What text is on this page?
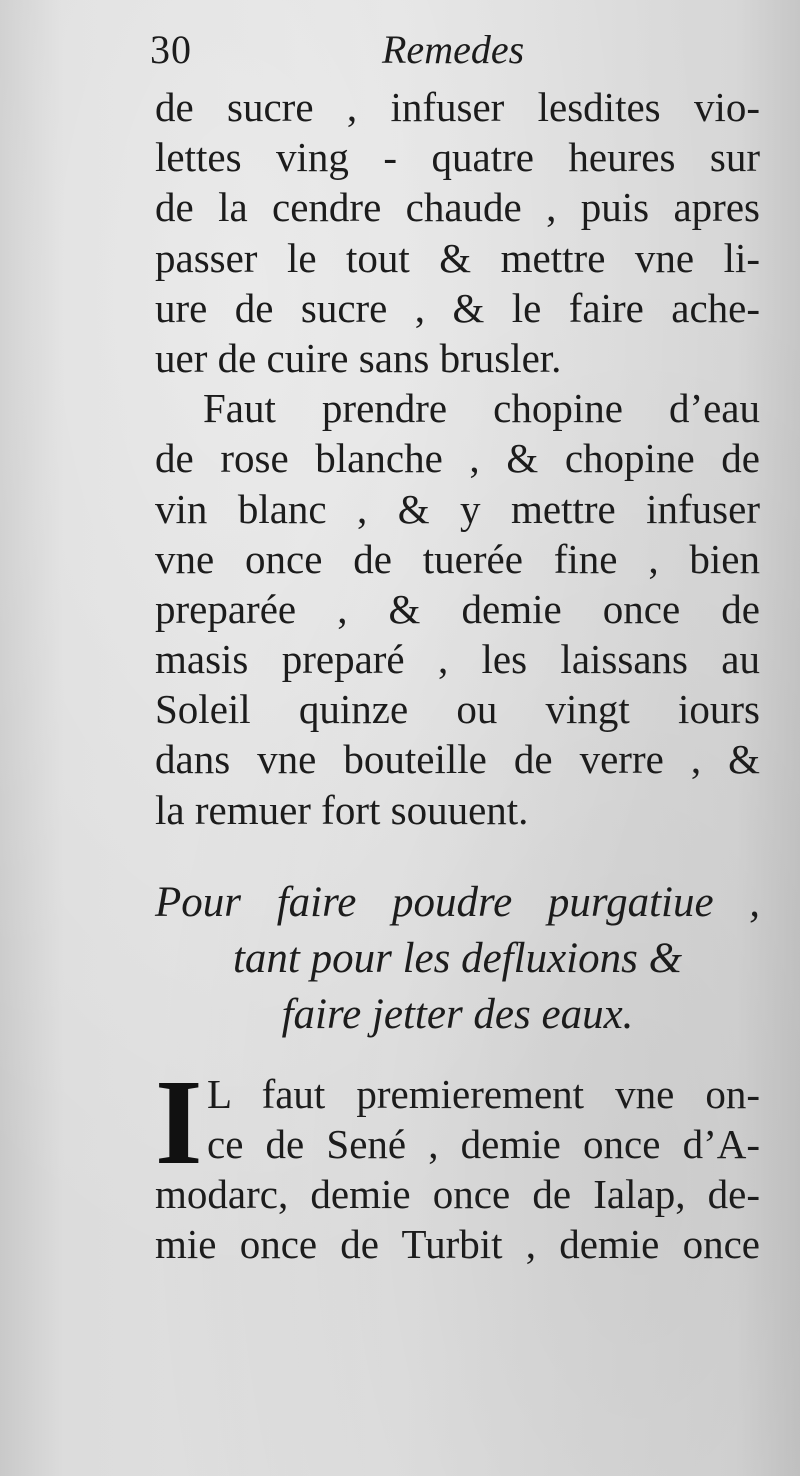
30	Remedes
de sucre , infuser lesdites vio-
lettes ving - quatre heures sur
de la cendre chaude , puis apres
passer le tout & mettre vne li-
ure de sucre , & le faire ache-
uer de cuire sans brusler.
Faut prendre chopine d’eau
de rose blanche , & chopine de
vin blanc , & y mettre infuser
vne once de tuerée fine , bien
preparée , & demie once de
masis preparé , les laissans au
Soleil quinze ou vingt iours
dans vne bouteille de verre , &
la remuer fort souuent.
Pour faire poudre purgatiue ,
tant pour les defluxions &
faire jetter des eaux.
I L faut premierement vne on-
ce de Sené , demie once d’A-
modarc, demie once de Ialap, de-
mie once de Turbit , demie once
